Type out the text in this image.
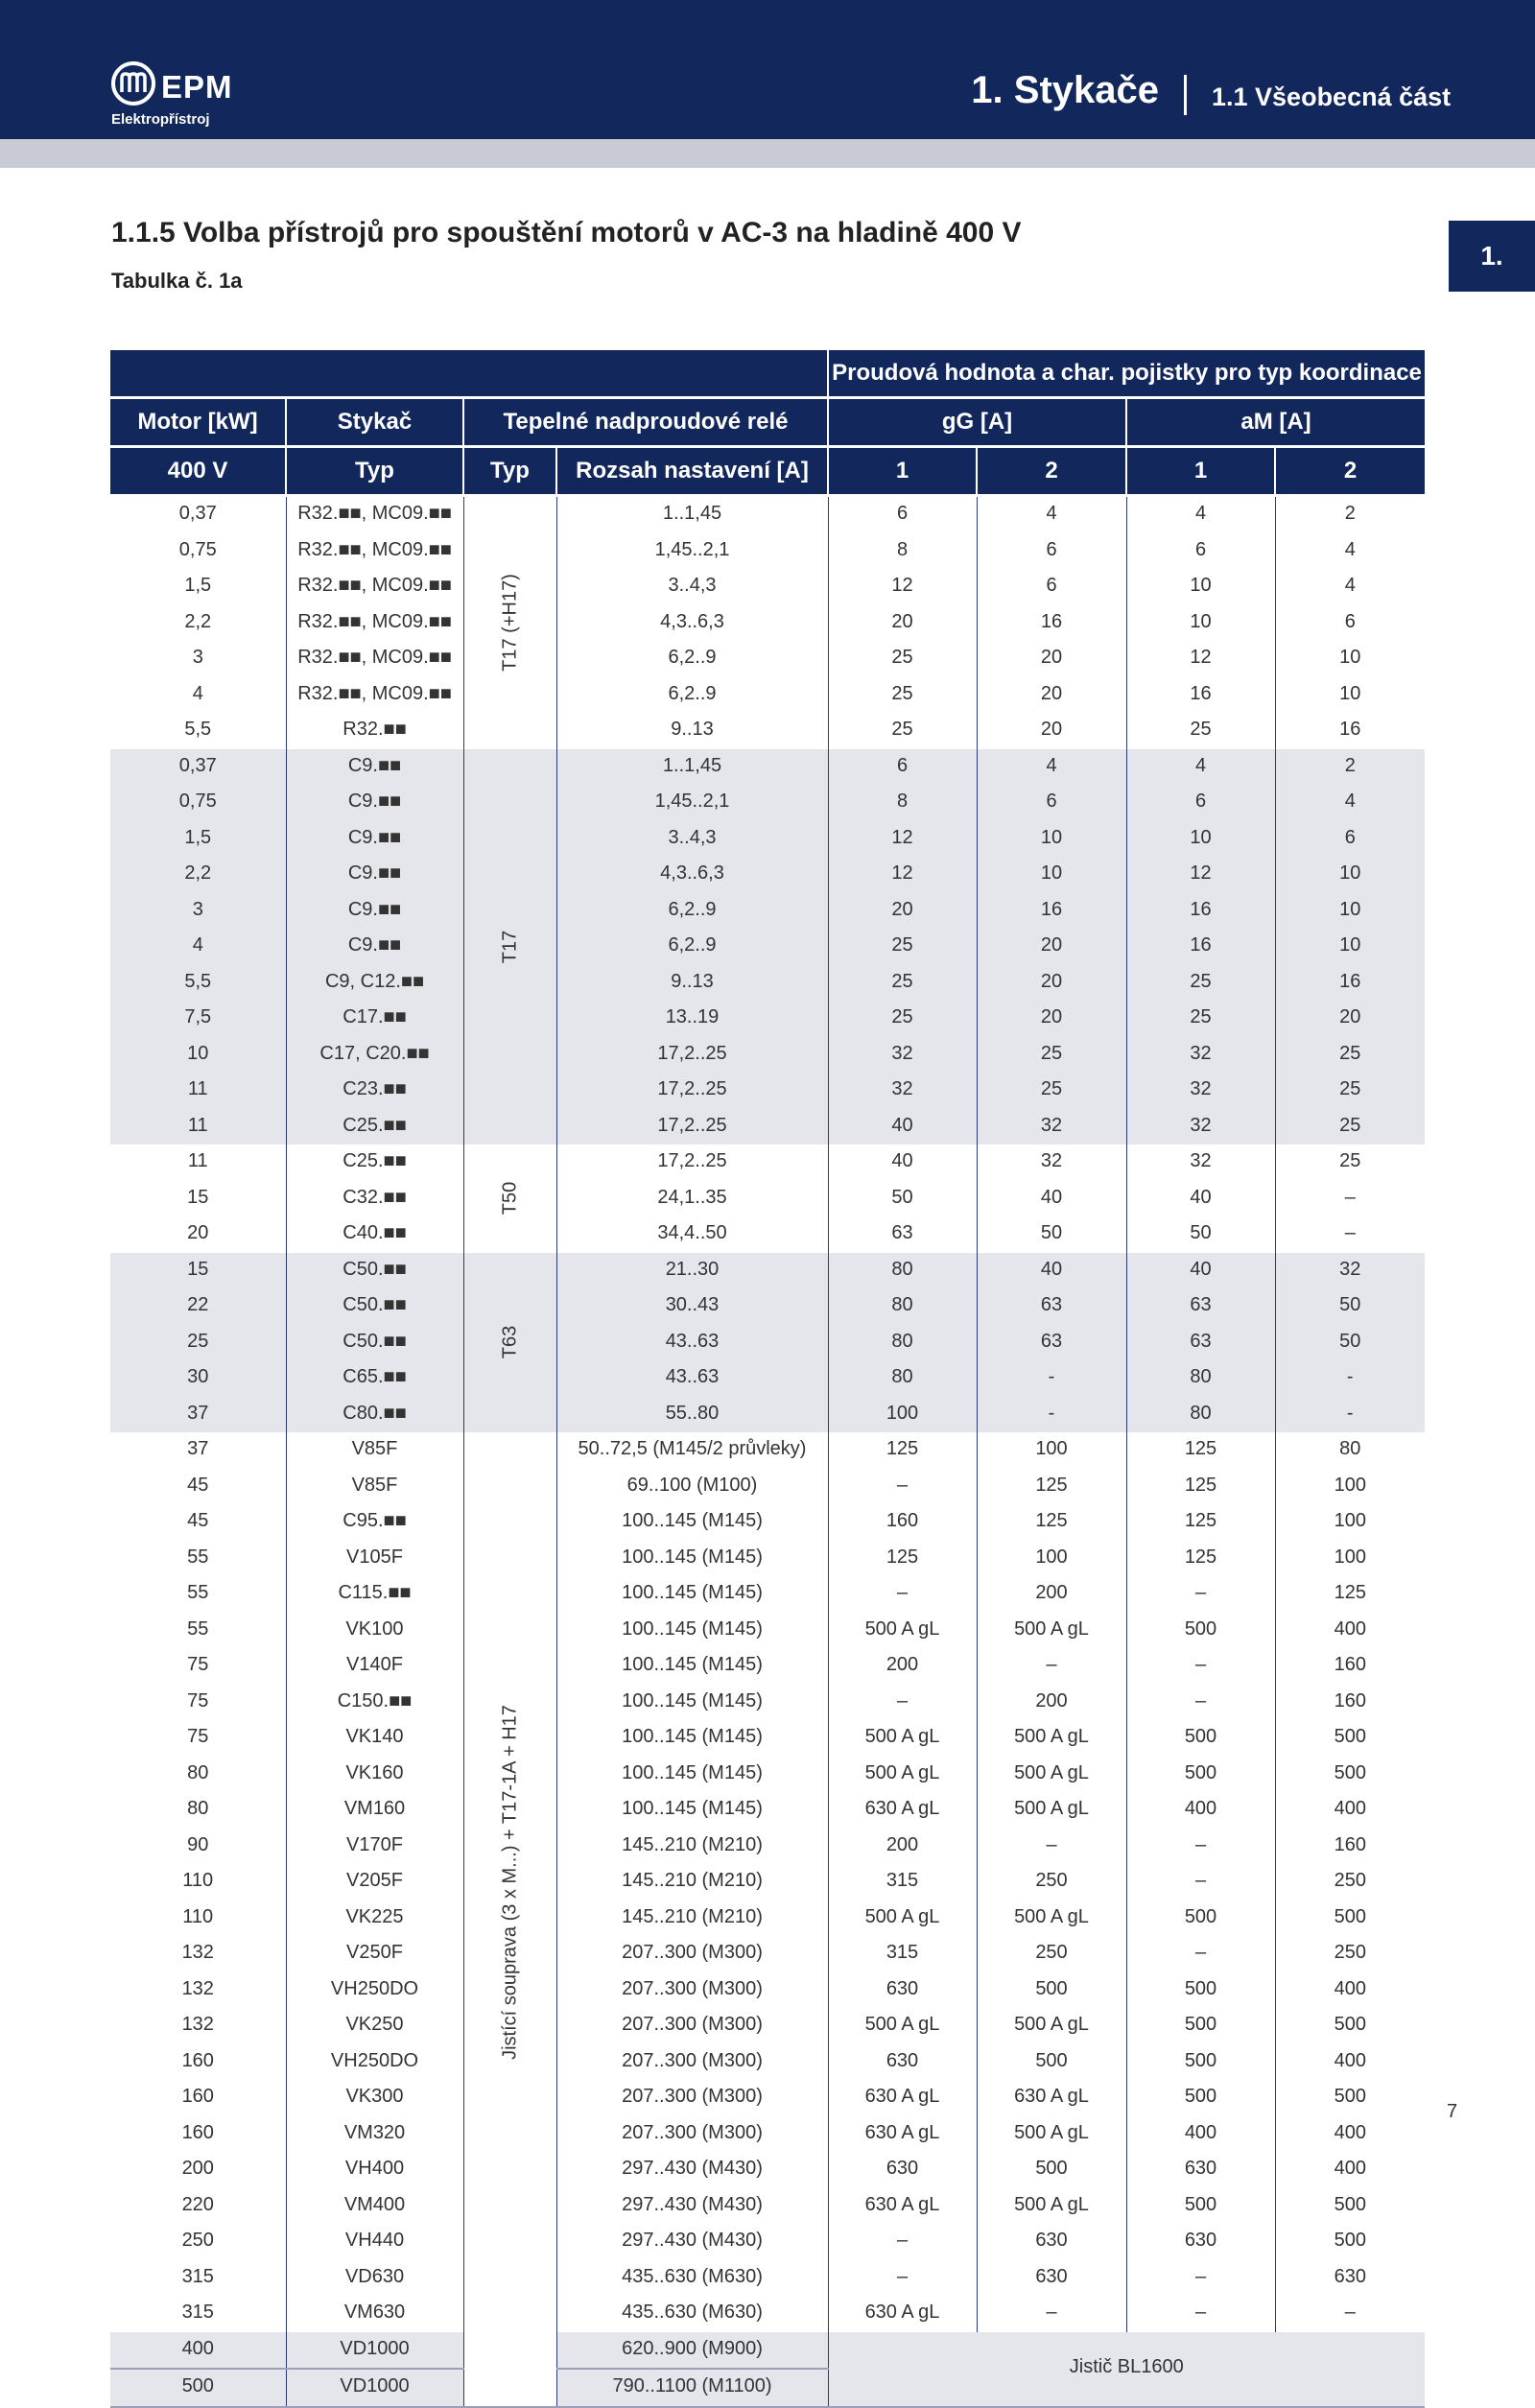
EPM
Elektropřístroj
1. Stykače 1.1 Všeobecná část
1.
1.1.5 Volba přístrojů pro spouštění motorů v AC-3 na hladině 400 V
Tabulka č. 1a
				Proudová hodnota a char. pojistky pro typ koordinace			
Motor [kW]	Stykač	Tepelné nadproudové relé		gG [A]		aM [A]	
400 V	Typ	Typ	Rozsah nastavení [A]	1	2	1	2
0,37	R32.■■, MC09.■■	T17 (+H17)	1..1,45	6	4	4	2
0,75	R32.■■, MC09.■■		1,45..2,1	8	6	6	4
1,5	R32.■■, MC09.■■		3..4,3	12	6	10	4
2,2	R32.■■, MC09.■■		4,3..6,3	20	16	10	6
3	R32.■■, MC09.■■		6,2..9	25	20	12	10
4	R32.■■, MC09.■■		6,2..9	25	20	16	10
5,5	R32.■■		9..13	25	20	25	16
0,37	C9.■■	T17	1..1,45	6	4	4	2
0,75	C9.■■		1,45..2,1	8	6	6	4
1,5	C9.■■		3..4,3	12	10	10	6
2,2	C9.■■		4,3..6,3	12	10	12	10
3	C9.■■		6,2..9	20	16	16	10
4	C9.■■		6,2..9	25	20	16	10
5,5	C9, C12.■■		9..13	25	20	25	16
7,5	C17.■■		13..19	25	20	25	20
10	C17, C20.■■		17,2..25	32	25	32	25
11	C23.■■		17,2..25	32	25	32	25
11	C25.■■		17,2..25	40	32	32	25
11	C25.■■	T50	17,2..25	40	32	32	25
15	C32.■■		24,1..35	50	40	40	–
20	C40.■■		34,4..50	63	50	50	–
15	C50.■■	T63	21..30	80	40	40	32
22	C50.■■		30..43	80	63	63	50
25	C50.■■		43..63	80	63	63	50
30	C65.■■		43..63	80	-	80	-
37	C80.■■		55..80	100	-	80	-
37	V85F	Jistící souprava (3 x M...) + T17-1A + H17	50..72,5 (M145/2 průvleky)	125	100	125	80
45	V85F		69..100 (M100)	–	125	125	100
45	C95.■■		100..145 (M145)	160	125	125	100
55	V105F		100..145 (M145)	125	100	125	100
55	C115.■■		100..145 (M145)	–	200	–	125
55	VK100		100..145 (M145)	500 A gL	500 A gL	500	400
75	V140F		100..145 (M145)	200	–	–	160
75	C150.■■		100..145 (M145)	–	200	–	160
75	VK140		100..145 (M145)	500 A gL	500 A gL	500	500
80	VK160		100..145 (M145)	500 A gL	500 A gL	500	500
80	VM160		100..145 (M145)	630 A gL	500 A gL	400	400
90	V170F		145..210 (M210)	200	–	–	160
110	V205F		145..210 (M210)	315	250	–	250
110	VK225		145..210 (M210)	500 A gL	500 A gL	500	500
132	V250F		207..300 (M300)	315	250	–	250
132	VH250DO		207..300 (M300)	630	500	500	400
132	VK250		207..300 (M300)	500 A gL	500 A gL	500	500
160	VH250DO		207..300 (M300)	630	500	500	400
160	VK300		207..300 (M300)	630 A gL	630 A gL	500	500
160	VM320		207..300 (M300)	630 A gL	500 A gL	400	400
200	VH400		297..430 (M430)	630	500	630	400
220	VM400		297..430 (M430)	630 A gL	500 A gL	500	500
250	VH440		297..430 (M430)	–	630	630	500
315	VD630		435..630 (M630)	–	630	–	630
315	VM630		435..630 (M630)	630 A gL	–	–	–
400	VD1000		620..900 (M900)	Jistič BL1600			
500	VD1000		790..1100 (M1100)				
7
